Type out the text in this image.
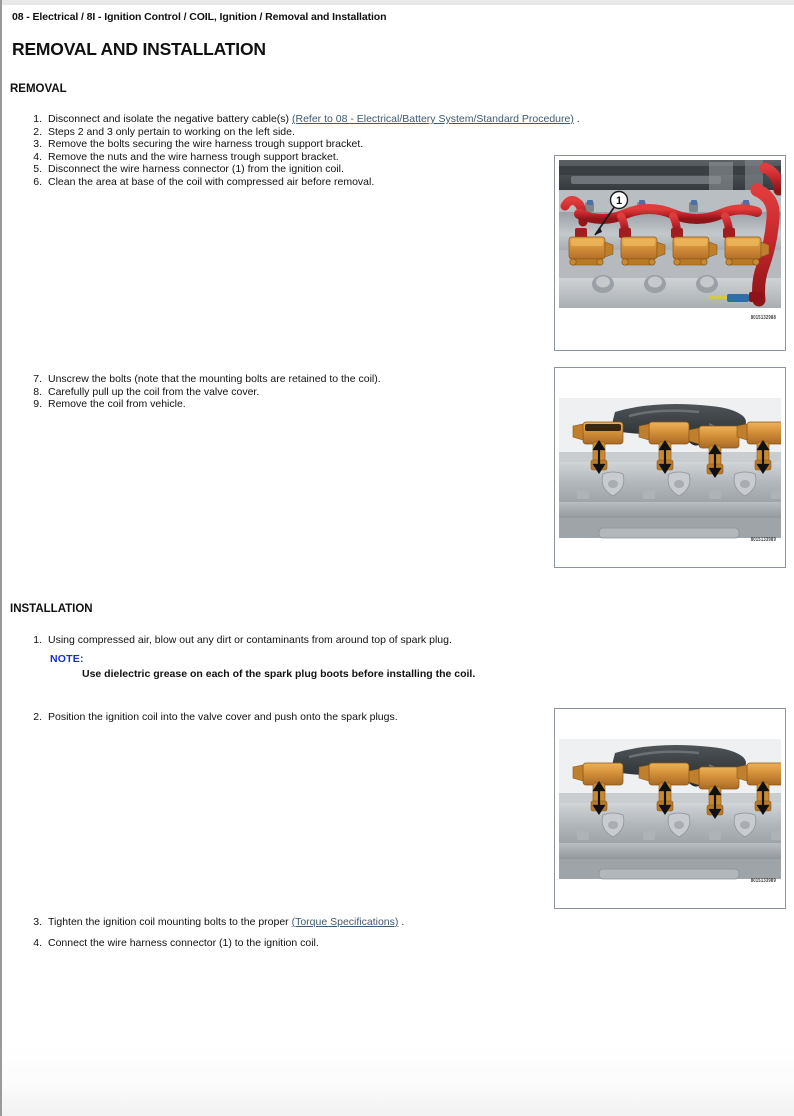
08 - Electrical / 8I - Ignition Control / COIL, Ignition / Removal and Installation
REMOVAL AND INSTALLATION
REMOVAL
1. Disconnect and isolate the negative battery cable(s) (Refer to 08 - Electrical/Battery System/Standard Procedure) .
2. Steps 2 and 3 only pertain to working on the left side.
3. Remove the bolts securing the wire harness trough support bracket.
4. Remove the nuts and the wire harness trough support bracket.
5. Disconnect the wire harness connector (1) from the ignition coil.
6. Clean the area at base of the coil with compressed air before removal.
7. Unscrew the bolts (note that the mounting bolts are retained to the coil).
8. Carefully pull up the coil from the valve cover.
9. Remove the coil from vehicle.
INSTALLATION
1. Using compressed air, blow out any dirt or contaminants from around top of spark plug.
NOTE:
Use dielectric grease on each of the spark plug boots before installing the coil.
2. Position the ignition coil into the valve cover and push onto the spark plugs.
3. Tighten the ignition coil mounting bolts to the proper (Torque Specifications) .
4. Connect the wire harness connector (1) to the ignition coil.
1
8015132988
8015133989
8015133989
